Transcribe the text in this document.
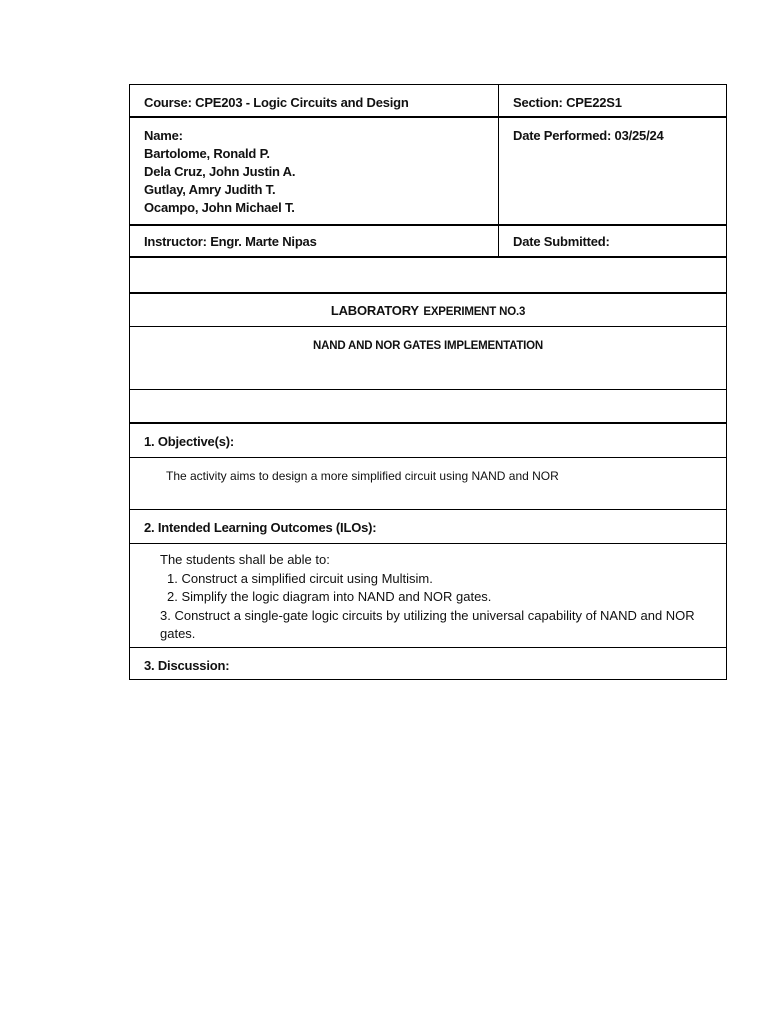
Course: CPE203 - Logic Circuits and Design	Section: CPE22S1
Name:
Bartolome, Ronald P.
Dela Cruz, John Justin A.
Gutlay, Amry Judith T.
Ocampo, John Michael T.
Date Performed: 03/25/24
Instructor: Engr. Marte Nipas	Date Submitted:
LABORATORY EXPERIMENT NO.3
NAND AND NOR GATES IMPLEMENTATION
1. Objective(s):
The activity aims to design a more simplified circuit using NAND and NOR
2. Intended Learning Outcomes (ILOs):
The students shall be able to:
1. Construct a simplified circuit using Multisim.
2. Simplify the logic diagram into NAND and NOR gates.
3. Construct a single-gate logic circuits by utilizing the universal capability of NAND and NOR gates.
3. Discussion:
